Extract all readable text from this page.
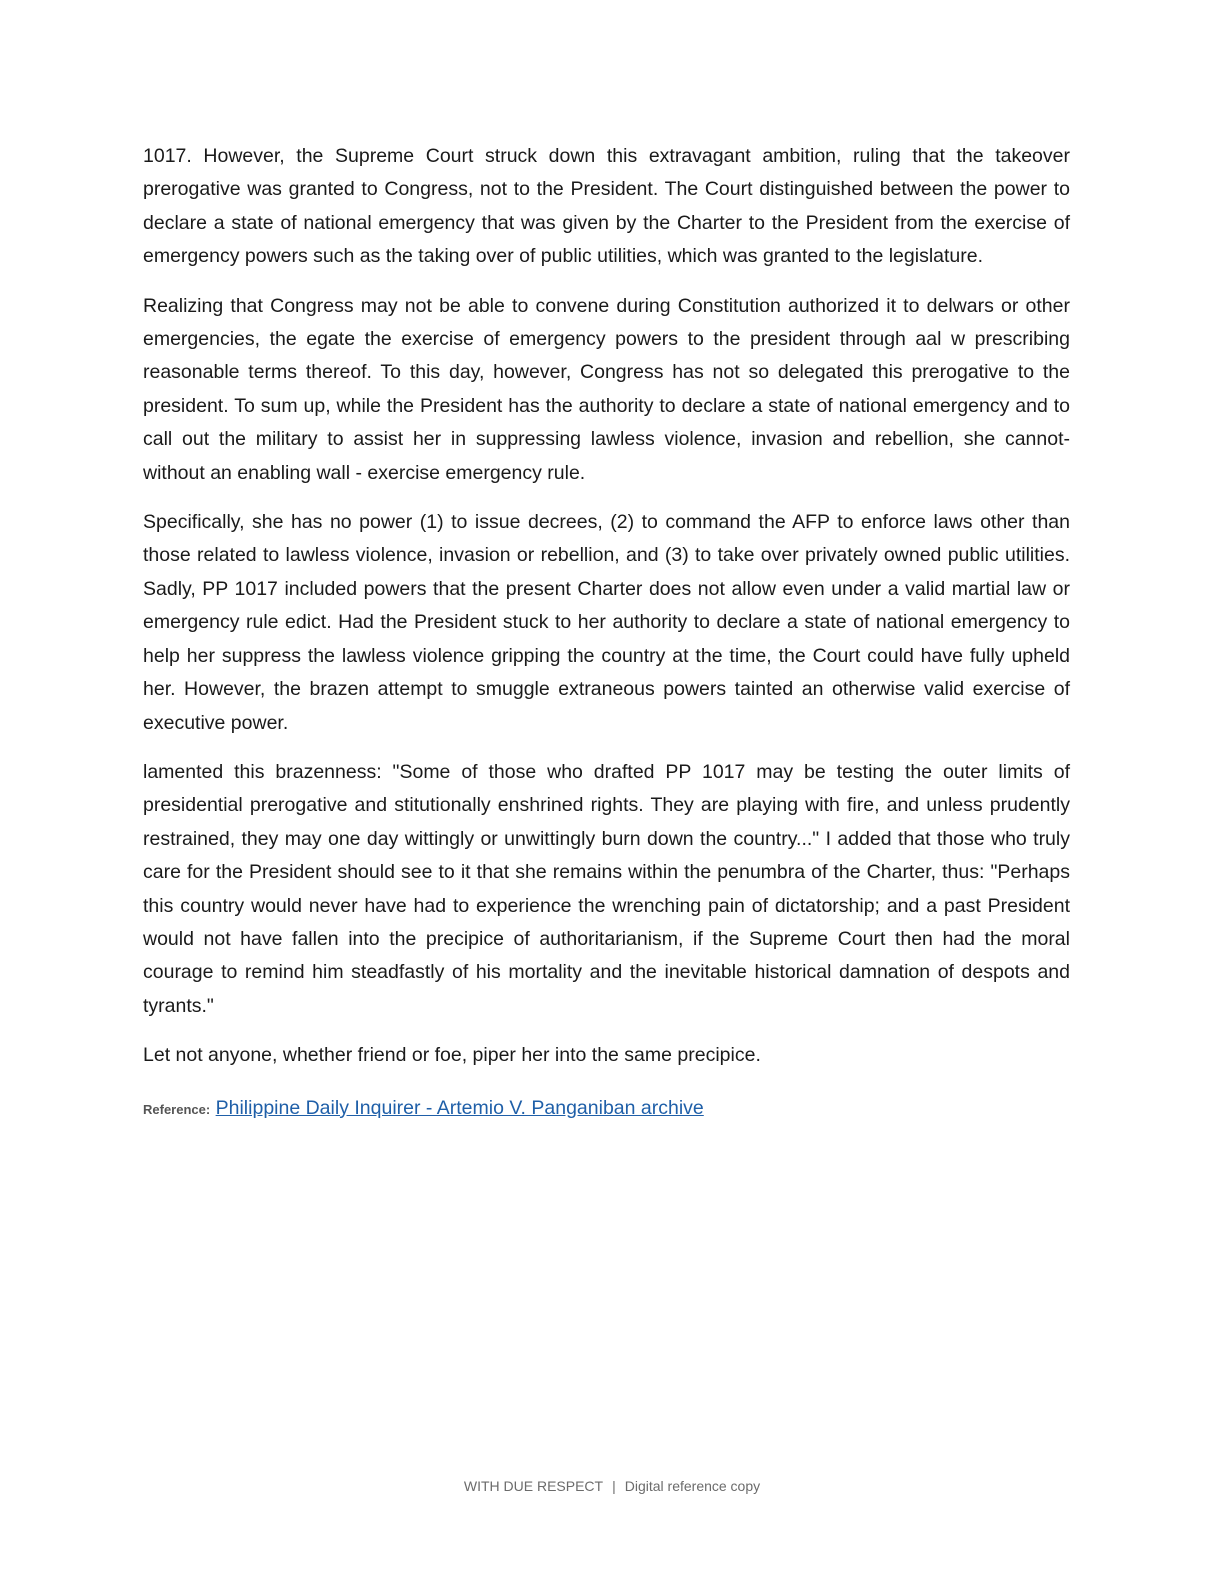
1017. However, the Supreme Court struck down this extravagant ambition, ruling that the takeover prerogative was granted to Congress, not to the President. The Court distinguished between the power to declare a state of national emergency that was given by the Charter to the President from the exercise of emergency powers such as the taking over of public utilities, which was granted to the legislature.

Realizing that Congress may not be able to convene during Constitution authorized it to delwars or other emergencies, the egate the exercise of emergency powers to the president through aal w prescribing reasonable terms thereof. To this day, however, Congress has not so delegated this prerogative to the president. To sum up, while the President has the authority to declare a state of national emergency and to call out the military to assist her in suppressing lawless violence, invasion and rebellion, she cannot- without an enabling wall - exercise emergency rule.

Specifically, she has no power (1) to issue decrees, (2) to command the AFP to enforce laws other than those related to lawless violence, invasion or rebellion, and (3) to take over privately owned public utilities. Sadly, PP 1017 included powers that the present Charter does not allow even under a valid martial law or emergency rule edict. Had the President stuck to her authority to declare a state of national emergency to help her suppress the lawless violence gripping the country at the time, the Court could have fully upheld her. However, the brazen attempt to smuggle extraneous powers tainted an otherwise valid exercise of executive power.

lamented this brazenness: "Some of those who drafted PP 1017 may be testing the outer limits of presidential prerogative and stitutionally enshrined rights. They are playing with fire, and unless prudently restrained, they may one day wittingly or unwittingly burn down the country..." I added that those who truly care for the President should see to it that she remains within the penumbra of the Charter, thus: "Perhaps this country would never have had to experience the wrenching pain of dictatorship; and a past President would not have fallen into the precipice of authoritarianism, if the Supreme Court then had the moral courage to remind him steadfastly of his mortality and the inevitable historical damnation of despots and tyrants."

Let not anyone, whether friend or foe, piper her into the same precipice.

Reference: Philippine Daily Inquirer - Artemio V. Panganiban archive
WITH DUE RESPECT | Digital reference copy
